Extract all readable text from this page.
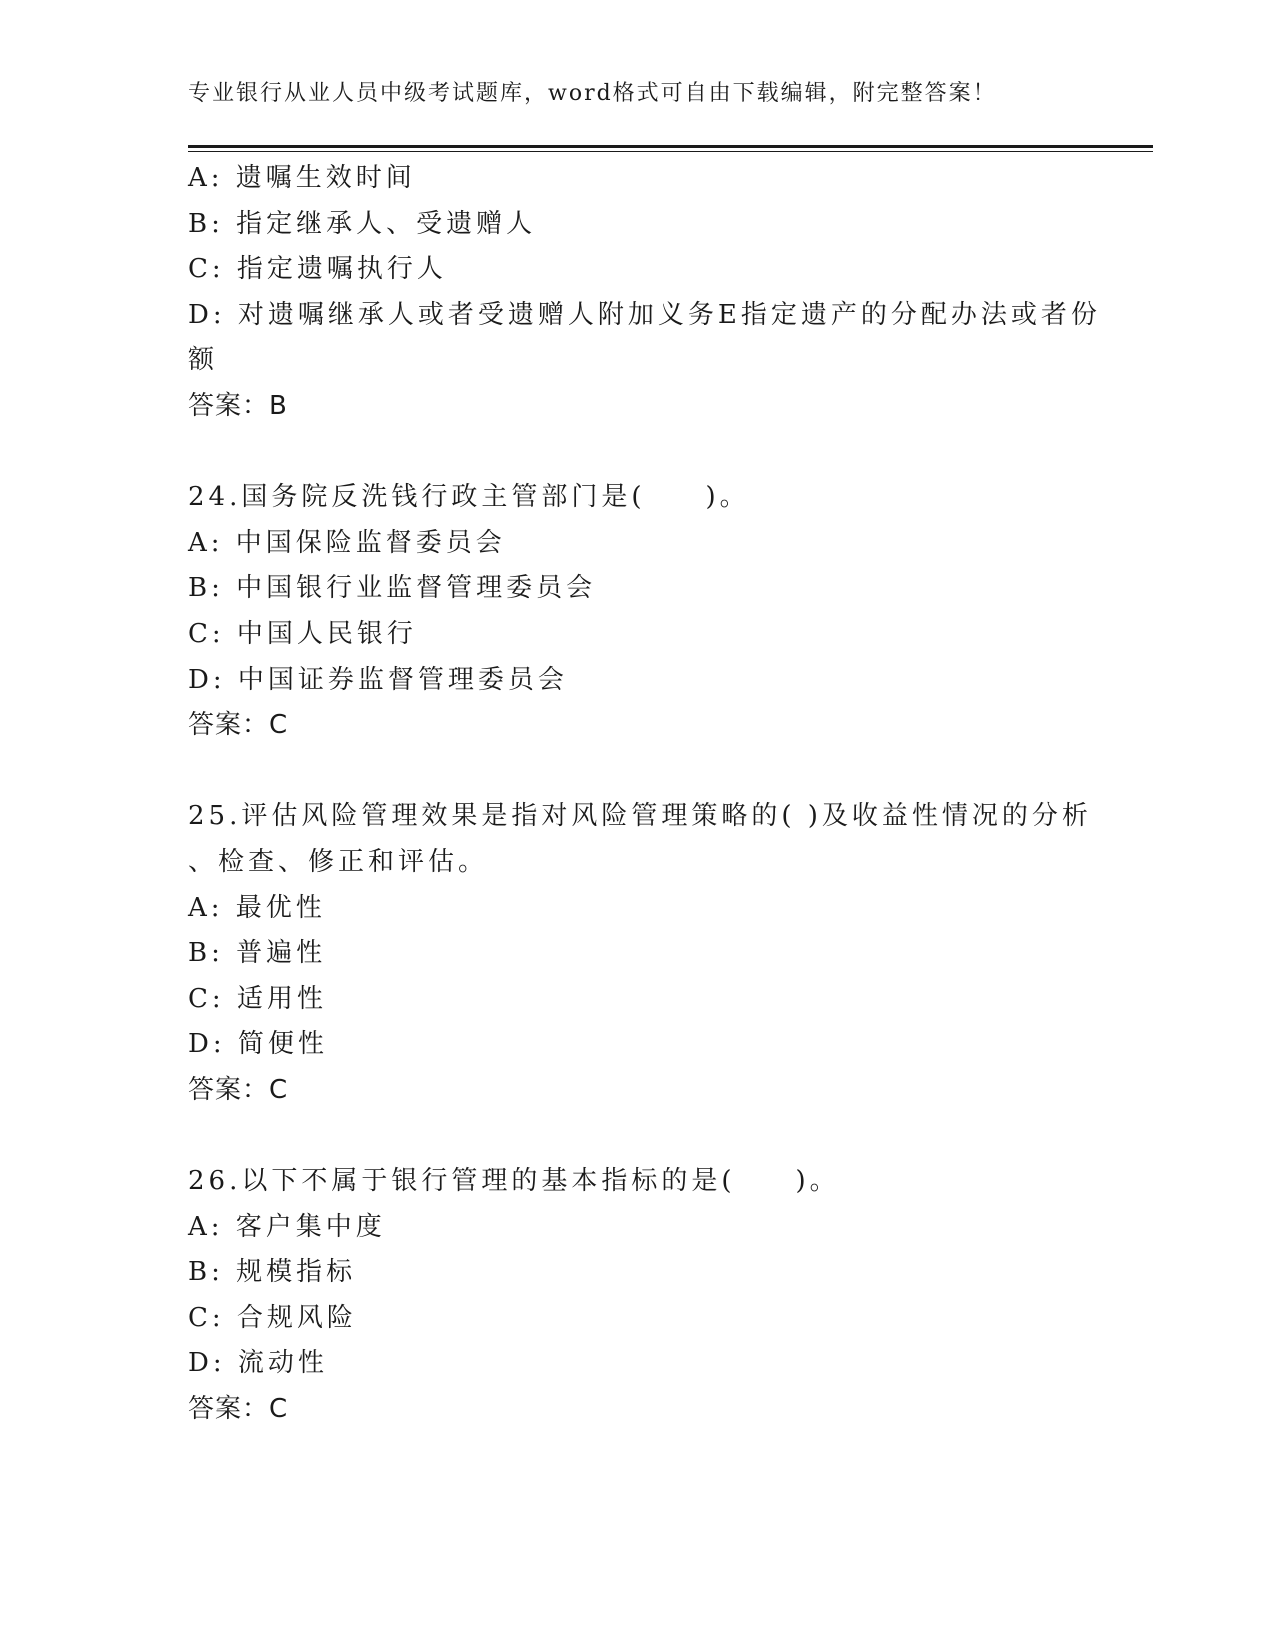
专业银行从业人员中级考试题库，word格式可自由下载编辑，附完整答案！
A: 遗嘱生效时间
B: 指定继承人、受遗赠人
C: 指定遗嘱执行人
D: 对遗嘱继承人或者受遗赠人附加义务E指定遗产的分配办法或者份
额
答案：B
24.国务院反洗钱行政主管部门是(　　)。
A: 中国保险监督委员会
B: 中国银行业监督管理委员会
C: 中国人民银行
D: 中国证券监督管理委员会
答案：C
25.评估风险管理效果是指对风险管理策略的( )及收益性情况的分析
、检查、修正和评估。
A: 最优性
B: 普遍性
C: 适用性
D: 简便性
答案：C
26.以下不属于银行管理的基本指标的是(　　)。
A: 客户集中度
B: 规模指标
C: 合规风险
D: 流动性
答案：C
